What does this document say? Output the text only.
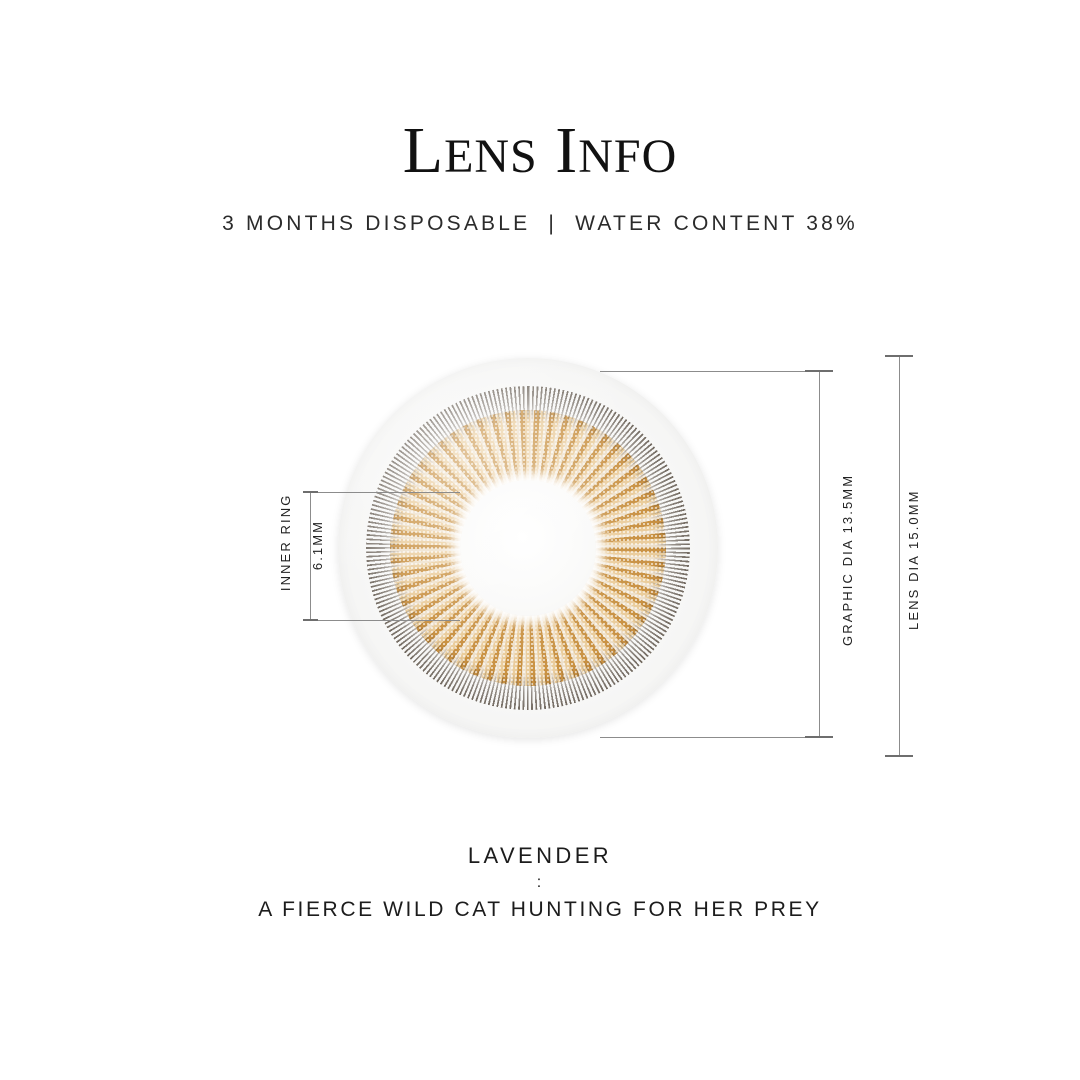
LENS INFO
3 MONTHS DISPOSABLE  |  WATER CONTENT 38%

INNER RING 6.1MM
	GRAPHIC DIA 13.5MM	LENS DIA 15.0MM
LAVENDER
:
A FIERCE WILD CAT HUNTING FOR HER PREY
